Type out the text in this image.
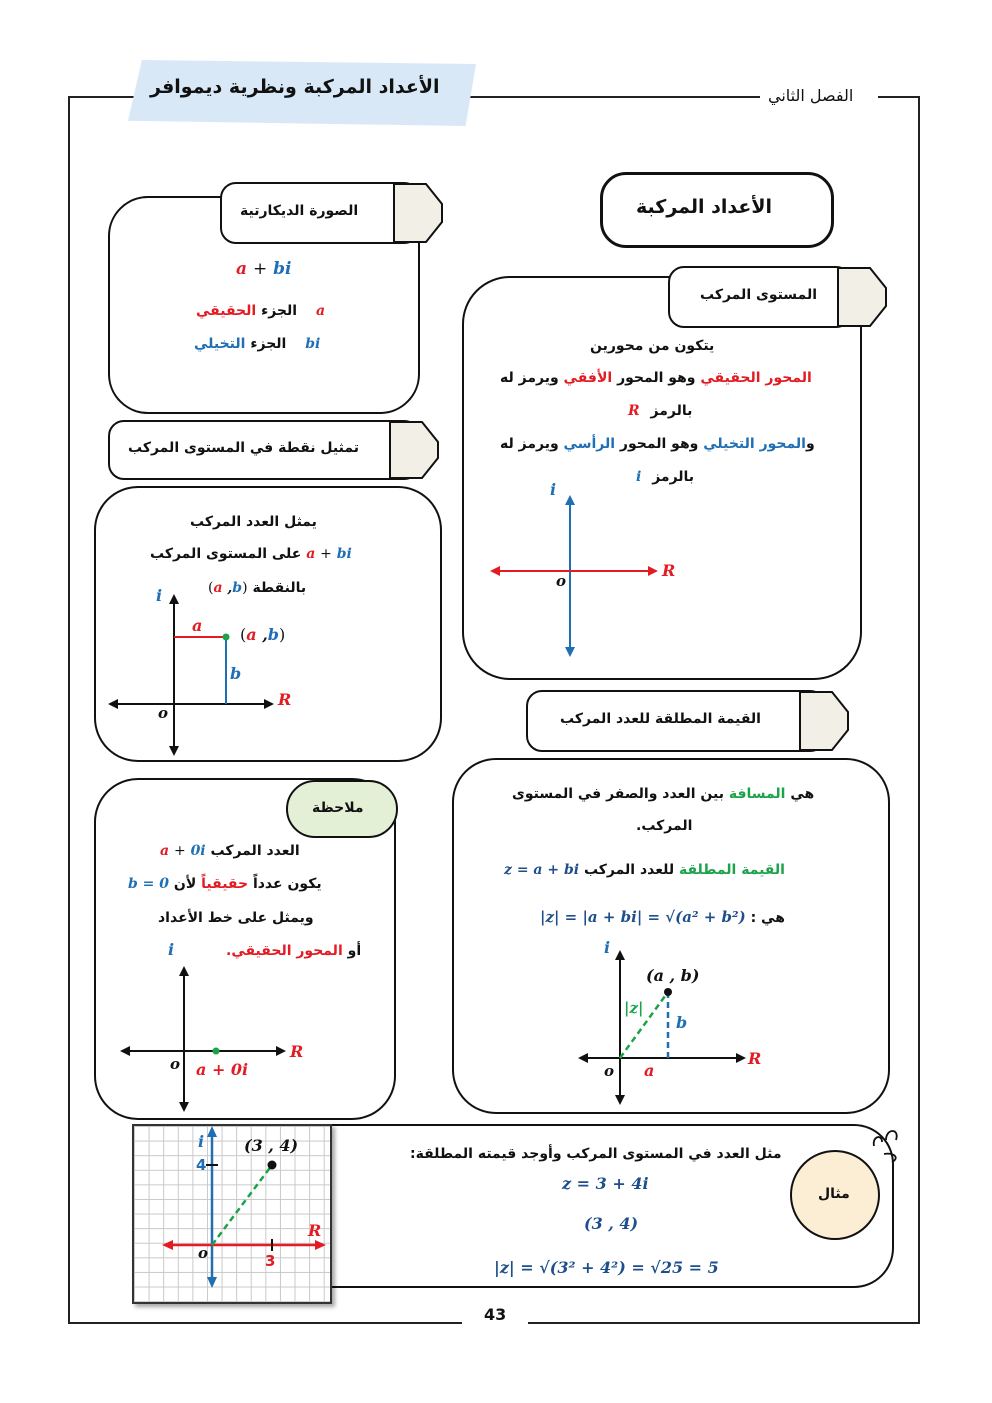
الأعداد المركبة ونظرية ديموافر	الفصل الثاني
الأعداد المركبة
المستوى المركب
يتكون من محورين
المحور الحقيقي وهو المحور الأفقي ويرمز له
بالرمز R
والمحور التخيلي وهو المحور الرأسي ويرمز له
بالرمز i
i
R
o
الصورة الديكارتية
a + bi
a الجزء الحقيقي
bi الجزء التخيلي
تمثيل نقطة في المستوى المركب
يمثل العدد المركب
a + bi على المستوى المركب
بالنقطة (a ,b)
i
R
o
a
b
(a ,b)
القيمة المطلقة للعدد المركب
هي المسافة بين العدد والصفر في المستوى
المركب.
القيمة المطلقة للعدد المركب z = a + bi
هي : |z| = |a + bi| = √(a² + b²)
i
R
o
(a , b)
|z|
b
a
ملاحظة
العدد المركب a + 0i
يكون عدداً حقيقياً لأن b = 0
ويمثل على خط الأعداد
أو المحور الحقيقي.
i
R
o a + 0i
مثال
مثل العدد في المستوى المركب وأوجد قيمته المطلقة:
z = 3 + 4i
(3 , 4)
|z| = √(3² + 4²) = √25 = 5
i
4
R
o	3
(3 , 4)
43
